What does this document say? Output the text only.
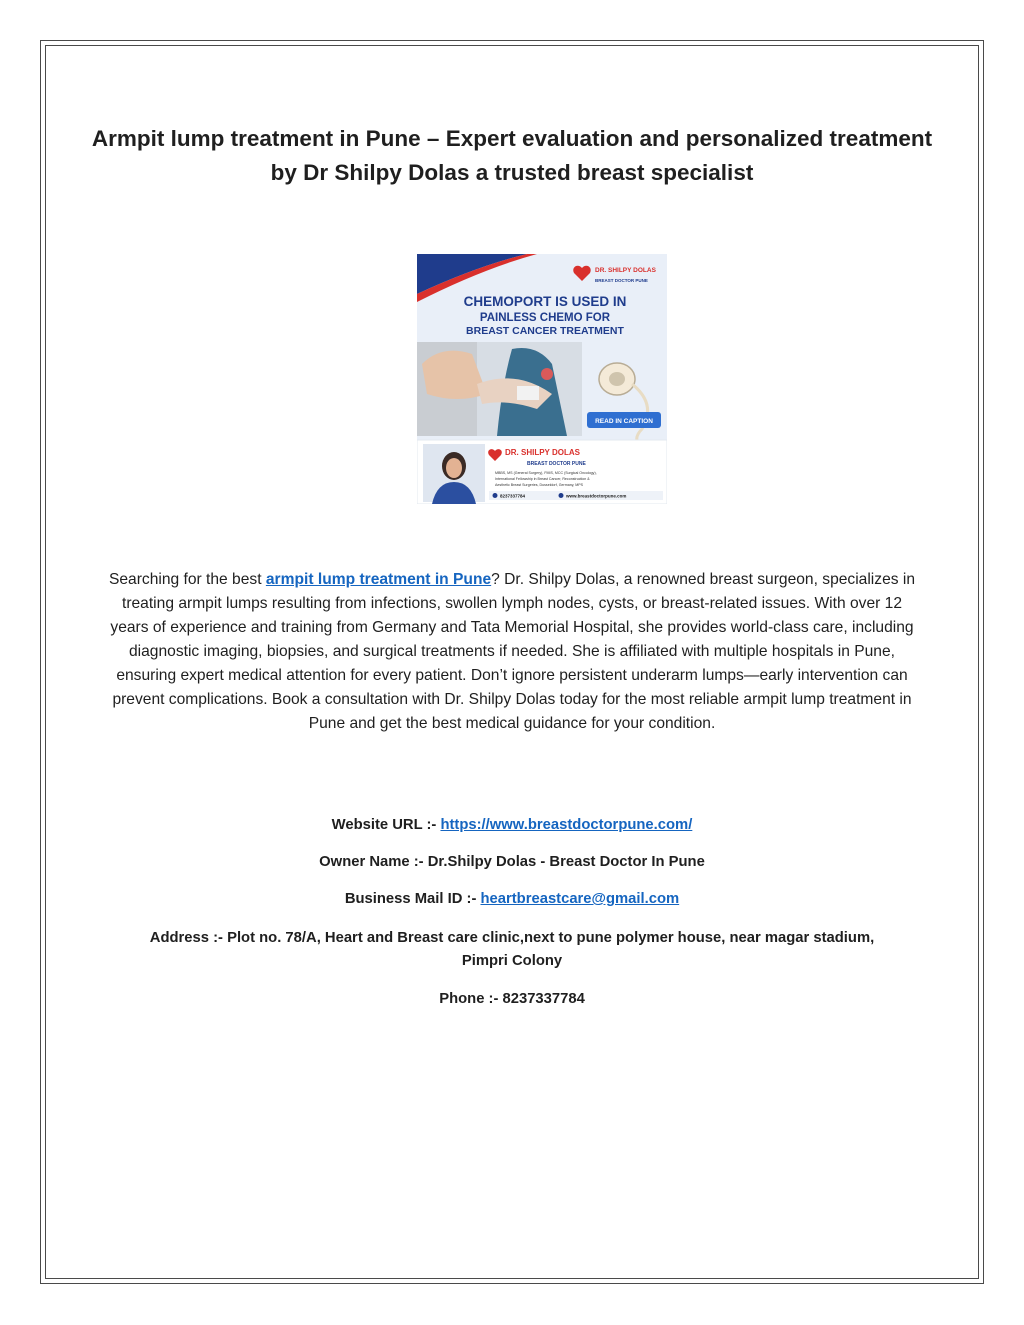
Armpit lump treatment in Pune – Expert evaluation and personalized treatment by Dr Shilpy Dolas a trusted breast specialist
DR. SHILPY DOLAS
BREAST DOCTOR PUNE
CHEMOPORT IS USED IN
PAINLESS CHEMO FOR
BREAST CANCER TREATMENT
READ IN CAPTION
DR. SHILPY DOLAS
BREAST DOCTOR PUNE
MBBS, MS (General Surgery), FMIS, MCC (Surgical Oncology),
International Fellowship in Breast Cancer, Reconstruction &
Aesthetic Breast Surgeries, Dusseldorf, Germany, MPS
8237337784	www.breastdoctorpune.com

Searching for the best armpit lump treatment in Pune? Dr. Shilpy Dolas, a renowned breast surgeon, specializes in treating armpit lumps resulting from infections, swollen lymph nodes, cysts, or breast-related issues. With over 12 years of experience and training from Germany and Tata Memorial Hospital, she provides world-class care, including diagnostic imaging, biopsies, and surgical treatments if needed. She is affiliated with multiple hospitals in Pune, ensuring expert medical attention for every patient. Don’t ignore persistent underarm lumps—early intervention can prevent complications. Book a consultation with Dr. Shilpy Dolas today for the most reliable armpit lump treatment in Pune and get the best medical guidance for your condition.

Website URL :- https://www.breastdoctorpune.com/

Owner Name :- Dr.Shilpy Dolas - Breast Doctor In Pune

Business Mail ID :- heartbreastcare@gmail.com

Address :- Plot no. 78/A, Heart and Breast care clinic,next to pune polymer house, near magar stadium, Pimpri Colony

Phone :- 8237337784
